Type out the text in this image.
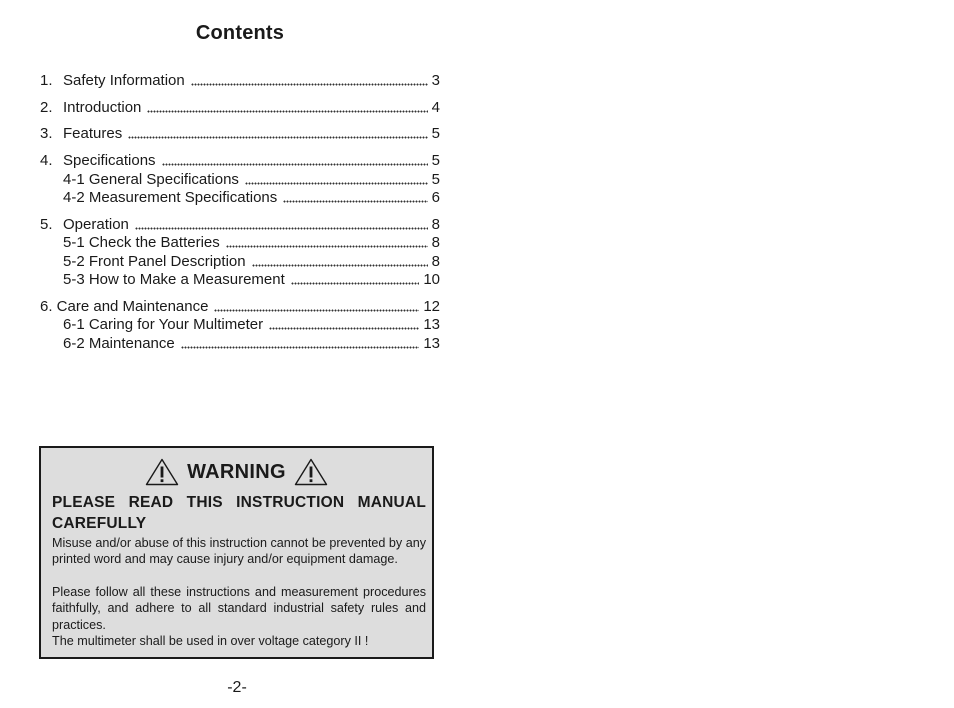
Contents
1. Safety Information	3
2. Introduction	4
3. Features	5
4. Specifications	5
4-1 General Specifications	5
4-2 Measurement Specifications	6
5. Operation	8
5-1 Check the Batteries	8
5-2 Front Panel Description	8
5-3 How to Make a Measurement	10
6. Care and Maintenance	12
6-1 Caring for Your Multimeter	13
6-2 Maintenance	13
WARNING
PLEASE READ THIS INSTRUCTION MANUAL CAREFULLY
Misuse and/or abuse of this instruction cannot be prevented by any printed word and may cause injury and/or equipment damage.
Please follow all these instructions and measurement procedures faithfully, and adhere to all standard industrial safety rules and practices.
The multimeter shall be used in over voltage category II !
-2-
